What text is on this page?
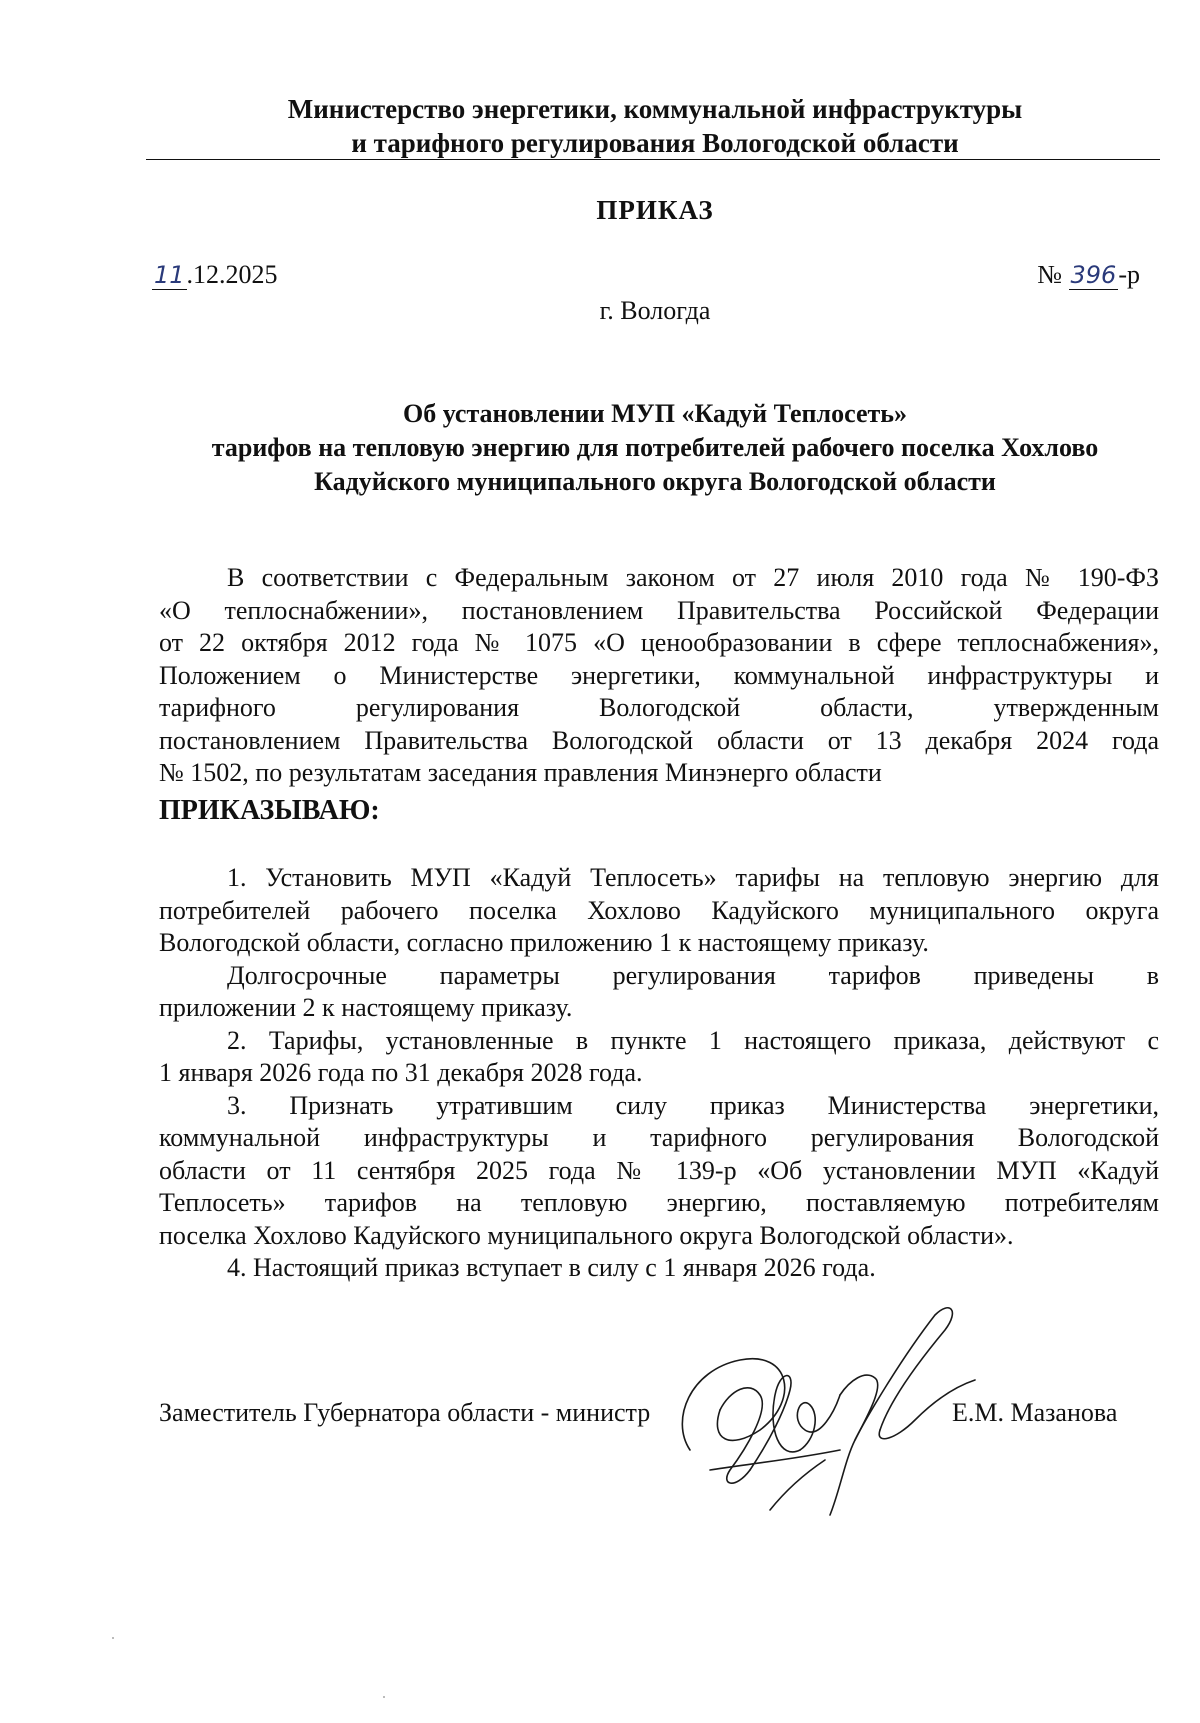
Министерство энергетики, коммунальной инфраструктуры
и тарифного регулирования Вологодской области
ПРИКАЗ
11.12.2025	№ 396-р
г. Вологда
Об установлении МУП «Кадуй Теплосеть»
тарифов на тепловую энергию для потребителей рабочего поселка Хохлово
Кадуйского муниципального округа Вологодской области
В соответствии с Федеральным законом от 27 июля 2010 года № 190-ФЗ
«О теплоснабжении», постановлением Правительства Российской Федерации
от 22 октября 2012 года № 1075 «О ценообразовании в сфере теплоснабжения»,
Положением о Министерстве энергетики, коммунальной инфраструктуры и
тарифного регулирования Вологодской области, утвержденным
постановлением Правительства Вологодской области от 13 декабря 2024 года
№ 1502, по результатам заседания правления Минэнерго области
ПРИКАЗЫВАЮ:
1. Установить МУП «Кадуй Теплосеть» тарифы на тепловую энергию для
потребителей рабочего поселка Хохлово Кадуйского муниципального округа
Вологодской области, согласно приложению 1 к настоящему приказу.
Долгосрочные параметры регулирования тарифов приведены в
приложении 2 к настоящему приказу.
2. Тарифы, установленные в пункте 1 настоящего приказа, действуют с
1 января 2026 года по 31 декабря 2028 года.
3. Признать утратившим силу приказ Министерства энергетики,
коммунальной инфраструктуры и тарифного регулирования Вологодской
области от 11 сентября 2025 года № 139-р «Об установлении МУП «Кадуй
Теплосеть» тарифов на тепловую энергию, поставляемую потребителям
поселка Хохлово Кадуйского муниципального округа Вологодской области».
4. Настоящий приказ вступает в силу с 1 января 2026 года.
Заместитель Губернатора области - министр	Е.М. Мазанова
